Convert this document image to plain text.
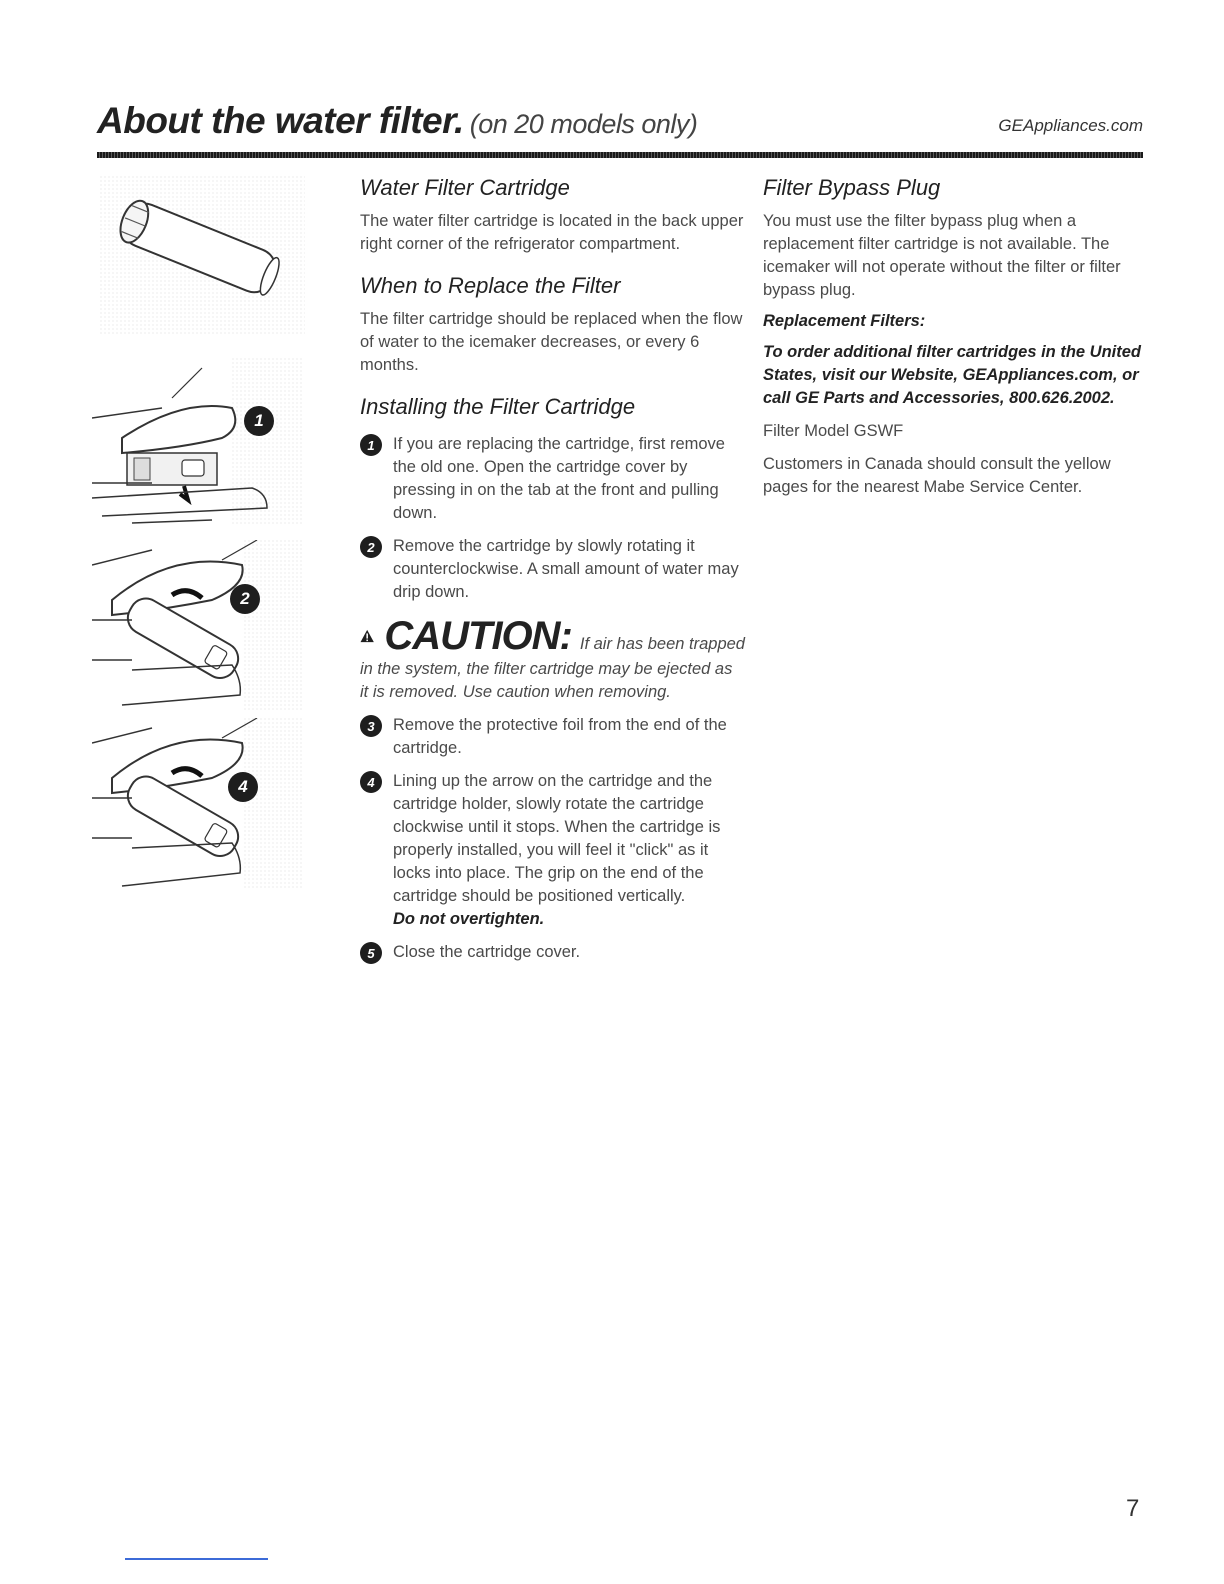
About the water filter. (on 20 models only)	GEAppliances.com
1
2
4
Water Filter Cartridge

The water filter cartridge is located in the back upper right corner of the refrigerator compartment.

When to Replace the Filter

The filter cartridge should be replaced when the flow of water to the icemaker decreases, or every 6 months.

Installing the Filter Cartridge
1	If you are replacing the cartridge, first remove the old one. Open the cartridge cover by pressing in on the tab at the front and pulling down.

2	Remove the cartridge by slowly rotating it counterclockwise. A small amount of water may drip down.

CAUTION: If air has been trapped
in the system, the filter cartridge may be ejected as it is removed. Use caution when removing.
3	Remove the protective foil from the end of the cartridge.

4	Lining up the arrow on the cartridge and the cartridge holder, slowly rotate the cartridge clockwise until it stops. When the cartridge is properly installed, you will feel it "click" as it locks into place. The grip on the end of the cartridge should be positioned vertically.

Do not overtighten.

5	Close the cartridge cover.

Filter Bypass Plug

You must use the filter bypass plug when a replacement filter cartridge is not available. The icemaker will not operate without the filter or filter bypass plug.

Replacement Filters:
To order additional filter cartridges in the United States, visit our Website, GEAppliances.com, or call GE Parts and Accessories, 800.626.2002.

Filter Model GSWF

Customers in Canada should consult the yellow pages for the nearest Mabe Service Center.

7
